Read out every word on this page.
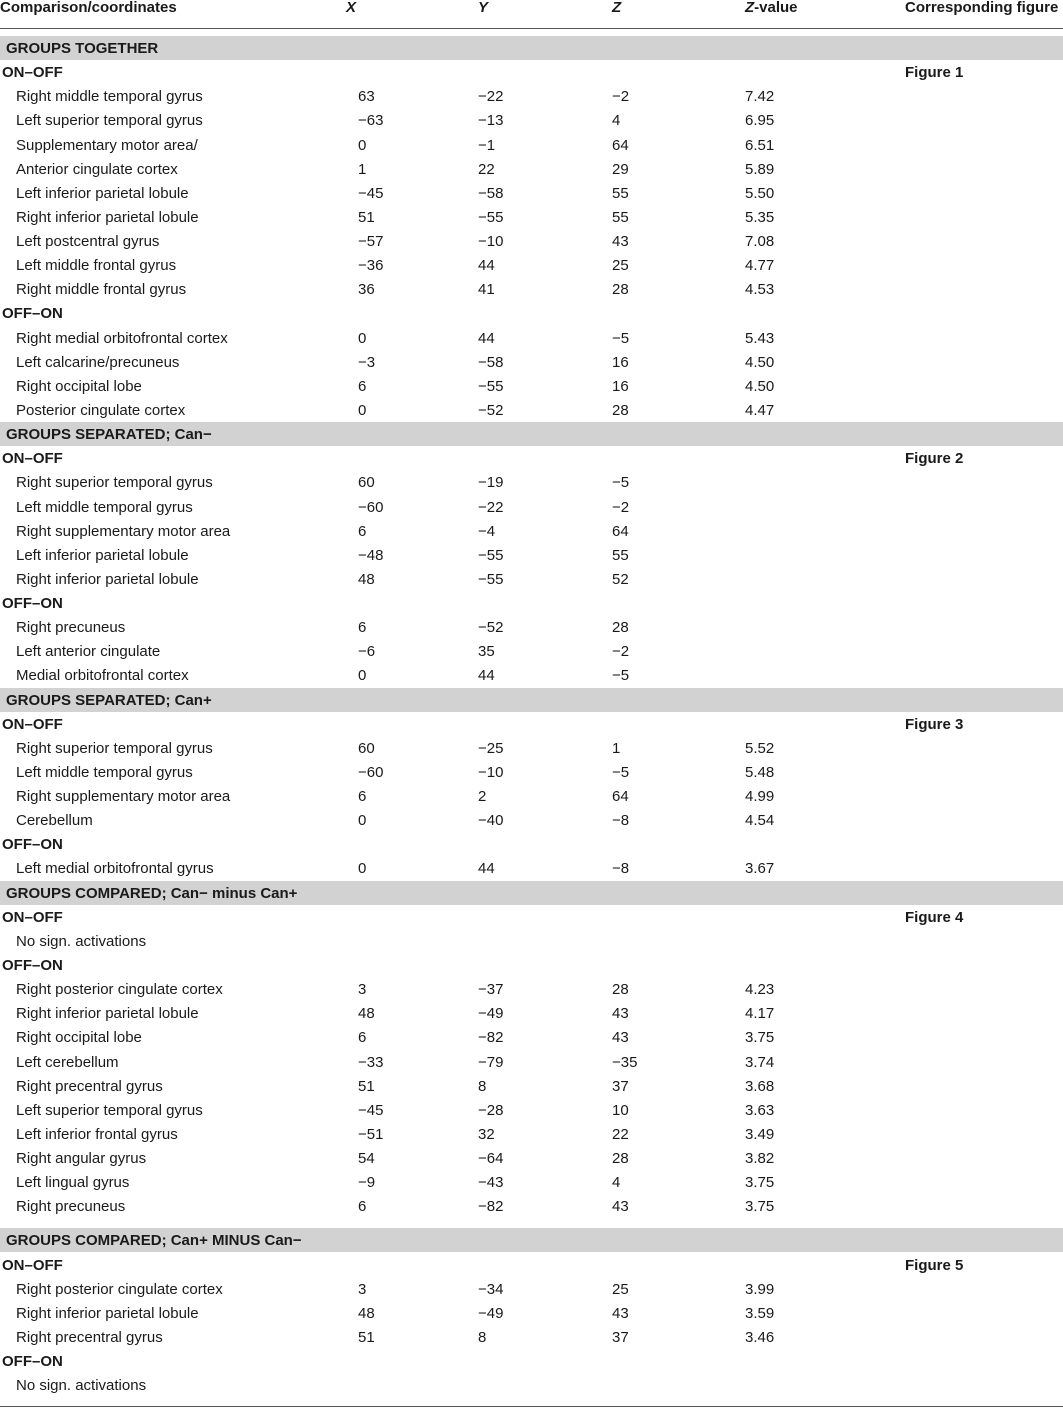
Comparison/coordinates	X	Y	Z	Z-value	Corresponding figure
GROUPS TOGETHER
ON–OFF	Figure 1
Right middle temporal gyrus	63	−22	−2	7.42
Left superior temporal gyrus	−63	−13	4	6.95
Supplementary motor area/	0	−1	64	6.51
Anterior cingulate cortex	1	22	29	5.89
Left inferior parietal lobule	−45	−58	55	5.50
Right inferior parietal lobule	51	−55	55	5.35
Left postcentral gyrus	−57	−10	43	7.08
Left middle frontal gyrus	−36	44	25	4.77
Right middle frontal gyrus	36	41	28	4.53
OFF–ON
Right medial orbitofrontal cortex	0	44	−5	5.43
Left calcarine/precuneus	−3	−58	16	4.50
Right occipital lobe	6	−55	16	4.50
Posterior cingulate cortex	0	−52	28	4.47
GROUPS SEPARATED; Can−
ON–OFF	Figure 2
Right superior temporal gyrus	60	−19	−5
Left middle temporal gyrus	−60	−22	−2
Right supplementary motor area	6	−4	64
Left inferior parietal lobule	−48	−55	55
Right inferior parietal lobule	48	−55	52
OFF–ON
Right precuneus	6	−52	28
Left anterior cingulate	−6	35	−2
Medial orbitofrontal cortex	0	44	−5
GROUPS SEPARATED; Can+
ON–OFF	Figure 3
Right superior temporal gyrus	60	−25	1	5.52
Left middle temporal gyrus	−60	−10	−5	5.48
Right supplementary motor area	6	2	64	4.99
Cerebellum	0	−40	−8	4.54
OFF–ON
Left medial orbitofrontal gyrus	0	44	−8	3.67
GROUPS COMPARED; Can− minus Can+
ON–OFF	Figure 4
No sign. activations
OFF–ON
Right posterior cingulate cortex	3	−37	28	4.23
Right inferior parietal lobule	48	−49	43	4.17
Right occipital lobe	6	−82	43	3.75
Left cerebellum	−33	−79	−35	3.74
Right precentral gyrus	51	8	37	3.68
Left superior temporal gyrus	−45	−28	10	3.63
Left inferior frontal gyrus	−51	32	22	3.49
Right angular gyrus	54	−64	28	3.82
Left lingual gyrus	−9	−43	4	3.75
Right precuneus	6	−82	43	3.75
GROUPS COMPARED; Can+ MINUS Can−
ON–OFF	Figure 5
Right posterior cingulate cortex	3	−34	25	3.99
Right inferior parietal lobule	48	−49	43	3.59
Right precentral gyrus	51	8	37	3.46
OFF–ON
No sign. activations
